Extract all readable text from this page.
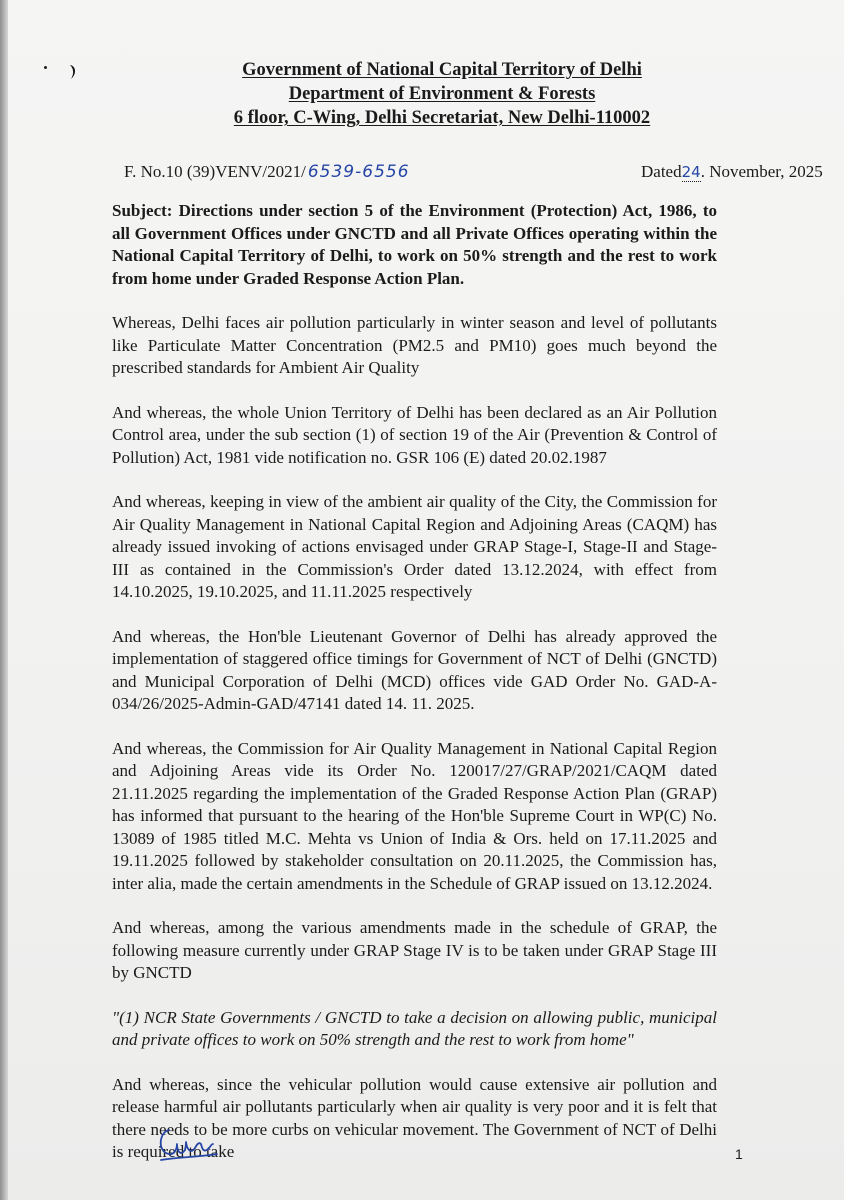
Government of National Capital Territory of Delhi
Department of Environment & Forests
6 floor, C-Wing, Delhi Secretariat, New Delhi-110002
F. No.10 (39)VENV/2021/ 6539-6556	Dated24. November, 2025

Subject: Directions under section 5 of the Environment (Protection) Act, 1986, to all Government Offices under GNCTD and all Private Offices operating within the National Capital Territory of Delhi, to work on 50% strength and the rest to work from home under Graded Response Action Plan.

Whereas, Delhi faces air pollution particularly in winter season and level of pollutants like Particulate Matter Concentration (PM2.5 and PM10) goes much beyond the prescribed standards for Ambient Air Quality

And whereas, the whole Union Territory of Delhi has been declared as an Air Pollution Control area, under the sub section (1) of section 19 of the Air (Prevention & Control of Pollution) Act, 1981 vide notification no. GSR 106 (E) dated 20.02.1987

And whereas, keeping in view of the ambient air quality of the City, the Commission for Air Quality Management in National Capital Region and Adjoining Areas (CAQM) has already issued invoking of actions envisaged under GRAP Stage-I, Stage-II and Stage-III as contained in the Commission's Order dated 13.12.2024, with effect from 14.10.2025, 19.10.2025, and 11.11.2025 respectively

And whereas, the Hon'ble Lieutenant Governor of Delhi has already approved the implementation of staggered office timings for Government of NCT of Delhi (GNCTD) and Municipal Corporation of Delhi (MCD) offices vide GAD Order No. GAD-A-034/26/2025-Admin-GAD/47141 dated 14. 11. 2025.

And whereas, the Commission for Air Quality Management in National Capital Region and Adjoining Areas vide its Order No. 120017/27/GRAP/2021/CAQM dated 21.11.2025 regarding the implementation of the Graded Response Action Plan (GRAP) has informed that pursuant to the hearing of the Hon'ble Supreme Court in WP(C) No. 13089 of 1985 titled M.C. Mehta vs Union of India & Ors. held on 17.11.2025 and 19.11.2025 followed by stakeholder consultation on 20.11.2025, the Commission has, inter alia, made the certain amendments in the Schedule of GRAP issued on 13.12.2024.

And whereas, among the various amendments made in the schedule of GRAP, the following measure currently under GRAP Stage IV is to be taken under GRAP Stage III by GNCTD

"(1) NCR State Governments / GNCTD to take a decision on allowing public, municipal and private offices to work on 50% strength and the rest to work from home"

And whereas, since the vehicular pollution would cause extensive air pollution and release harmful air pollutants particularly when air quality is very poor and it is felt that there needs to be more curbs on vehicular movement. The Government of NCT of Delhi is required to take	1
